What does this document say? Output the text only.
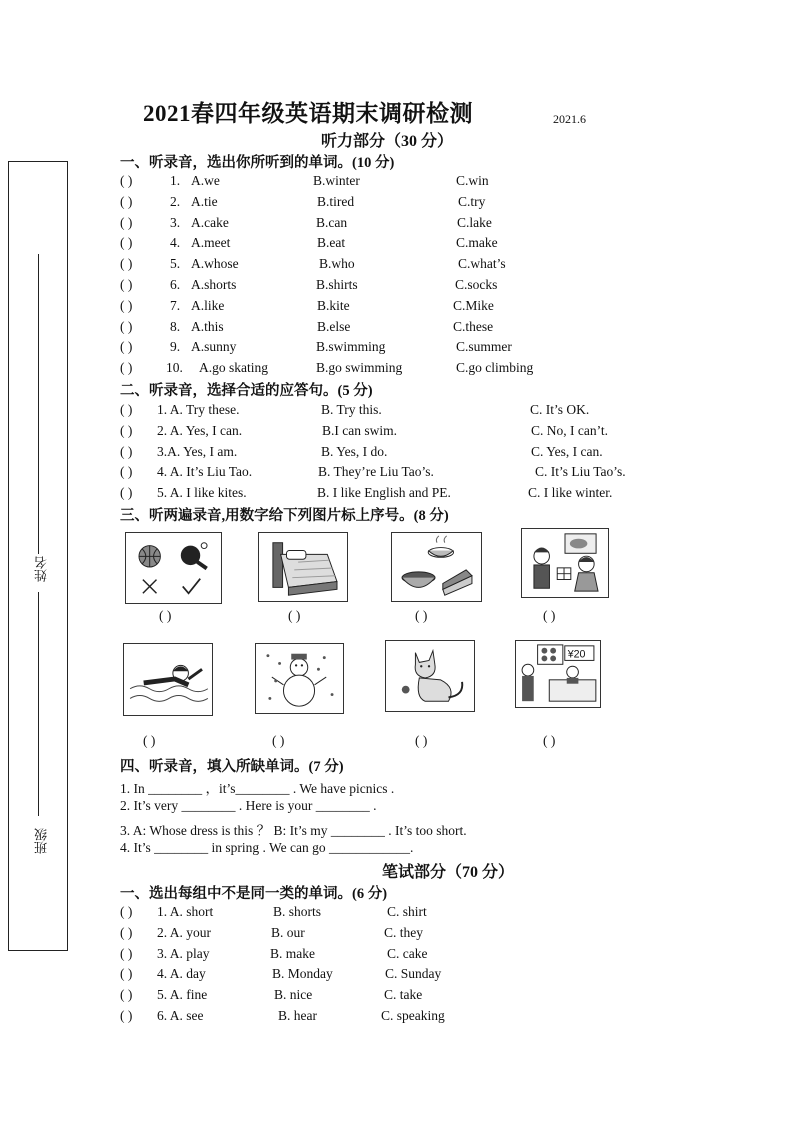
姓名
班级
2021春四年级英语期末调研检测	2021.6
听力部分（30 分）
一、听录音，选出你所听到的单词。(10 分)
( )	1. A.we	B.winter	C.win
( )	2. A.tie	B.tired	C.try
( )	3. A.cake	B.can	C.lake
( )	4. A.meet	B.eat	C.make
( )	5. A.whose	B.who	C.what’s
( )	6. A.shorts	B.shirts	C.socks
( )	7. A.like	B.kite	C.Mike
( )	8. A.this	B.else	C.these
( )	9. A.sunny	B.swimming	C.summer
( ) 10. A.go skating	B.go swimming	C.go climbing
二、听录音，选择合适的应答句。(5 分)
( ) 1. A. Try these.	B. Try this.	C. It’s OK.
( ) 2. A. Yes, I can.	B.I can swim.	C. No, I can’t.
( ) 3.A. Yes, I am.	B. Yes, I do.	C. Yes, I can.
( ) 4. A. It’s Liu Tao.	B. They’re Liu Tao’s.	C. It’s Liu Tao’s.
( ) 5. A. I like kites.	B. I like English and PE.	C. I like winter.
三、听两遍录音,用数字给下列图片标上序号。(8 分)
( )	( )	( )	( )
¥20
( )	( )	( )	( )
四、听录音，填入所缺单词。(7 分)
1. In ________ ，it’s________ . We have picnics .
2. It’s very ________ . Here is your ________ .
3. A: Whose dress is this ？ B: It’s my ________ . It’s too short.
4. It’s ________ in spring . We can go ____________.
笔试部分（70 分）
一、选出每组中不是同一类的单词。(6 分)
( ) 1. A. short	B. shorts	C. shirt
( ) 2. A. your	B. our	C. they
( ) 3. A. play	B. make	C. cake
( ) 4. A. day	B. Monday	C. Sunday
( ) 5. A. fine	B. nice	C. take
( ) 6. A. see	B. hear	C. speaking
